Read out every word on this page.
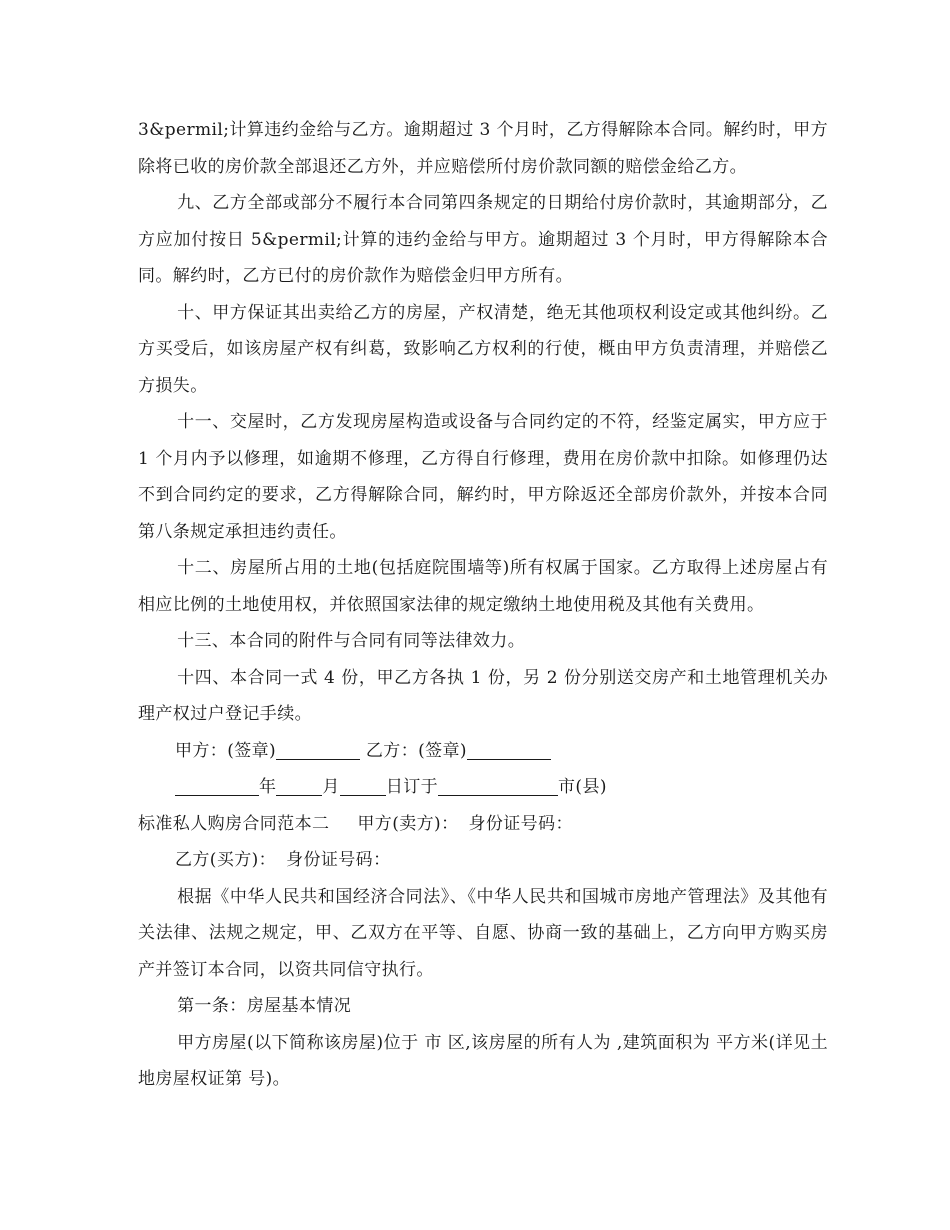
3&permil;计算违约金给与乙方。逾期超过 3 个月时，乙方得解除本合同。解约时，甲方除将已收的房价款全部退还乙方外，并应赔偿所付房价款同额的赔偿金给乙方。

九、乙方全部或部分不履行本合同第四条规定的日期给付房价款时，其逾期部分，乙方应加付按日 5&permil;计算的违约金给与甲方。逾期超过 3 个月时，甲方得解除本合同。解约时，乙方已付的房价款作为赔偿金归甲方所有。

十、甲方保证其出卖给乙方的房屋，产权清楚，绝无其他项权利设定或其他纠纷。乙方买受后，如该房屋产权有纠葛，致影响乙方权利的行使，概由甲方负责清理，并赔偿乙方损失。

十一、交屋时，乙方发现房屋构造或设备与合同约定的不符，经鉴定属实，甲方应于 1 个月内予以修理，如逾期不修理，乙方得自行修理，费用在房价款中扣除。如修理仍达不到合同约定的要求，乙方得解除合同，解约时，甲方除返还全部房价款外，并按本合同第八条规定承担违约责任。

十二、房屋所占用的土地(包括庭院围墙等)所有权属于国家。乙方取得上述房屋占有相应比例的土地使用权，并依照国家法律的规定缴纳土地使用税及其他有关费用。

十三、本合同的附件与合同有同等法律效力。

十四、本合同一式 4 份，甲乙方各执 1 份，另 2 份分别送交房产和土地管理机关办理产权过户登记手续。

甲方：(签章)	乙方：(签章)

年	月	日订于	市(县)

标准私人购房合同范本二 甲方(卖方)： 身份证号码：

乙方(买方)： 身份证号码：

根据《中华人民共和国经济合同法》、《中华人民共和国城市房地产管理法》及其他有关法律、法规之规定，甲、乙双方在平等、自愿、协商一致的基础上，乙方向甲方购买房产并签订本合同，以资共同信守执行。

第一条：房屋基本情况

甲方房屋(以下简称该房屋)位于 市 区,该房屋的所有人为 ,建筑面积为 平方米(详见土地房屋权证第 号)。
